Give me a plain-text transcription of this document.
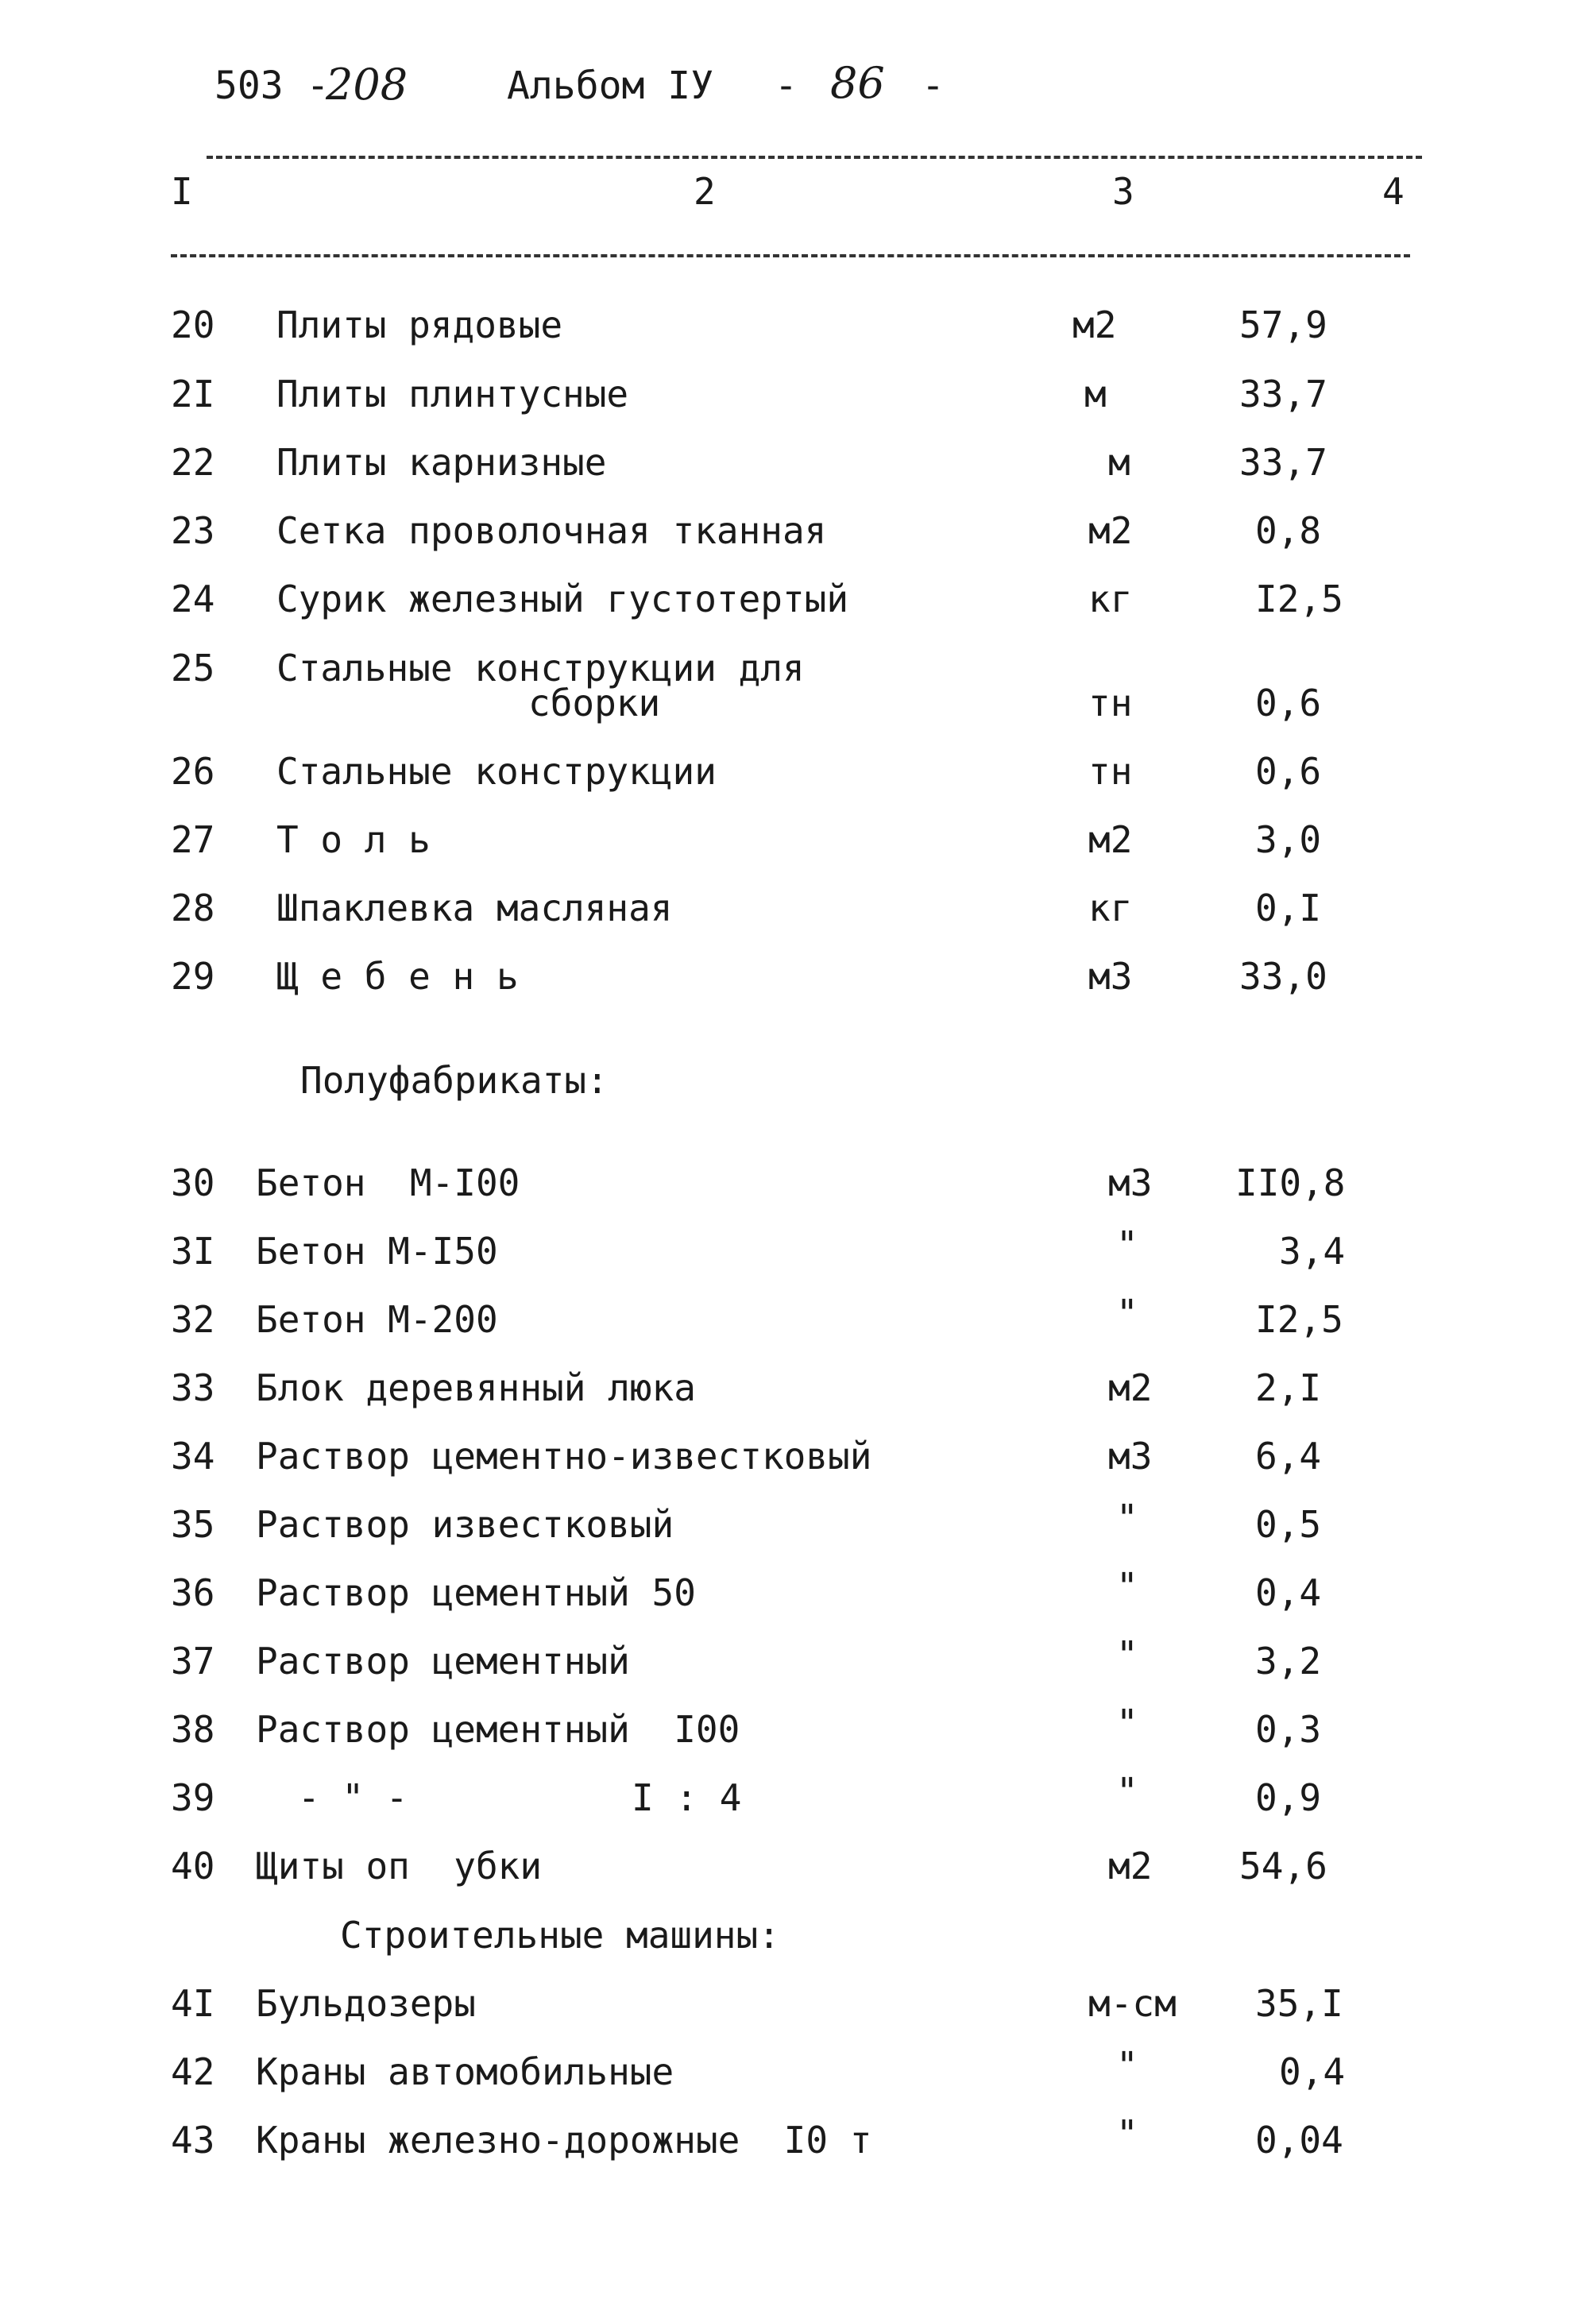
503 -
208	Альбом IУ - 86 -
I	2	3	4
20 Плиты рядовые	м2	57,9
2I Плиты плинтусные	м	33,7
22 Плиты карнизные	м	33,7
23 Сетка проволочная тканная	м2	0,8
24 Сурик железный густотертый	кг	I2,5
25 Стальные конструкции для
сборки	тн	0,6
26 Стальные конструкции	тн	0,6
27 Т о л ь	м2	3,0
28 Шпаклевка масляная	кг	0,I
29 Щ е б е н ь	м3	33,0
Полуфабрикаты:
30 Бетон  М-I00	м3 II0,8
3I Бетон М-I50	"	3,4
32 Бетон М-200	"	I2,5
33 Блок деревянный люка	м2	2,I
34 Раствор цементно-известковый	м3	6,4
35 Раствор известковый	"	0,5
36 Раствор цементный 50	"	0,4
37 Раствор цементный	"	3,2
38 Раствор цементный  I00	"	0,3
39 - " -	I : 4	"	0,9
40 Щиты оп  убки	м2 54,6
Строительные машины:
4I Бульдозеры	м-см 35,I
42 Краны автомобильные	"	0,4
43 Краны железно-дорожные  I0 т	"	0,04
